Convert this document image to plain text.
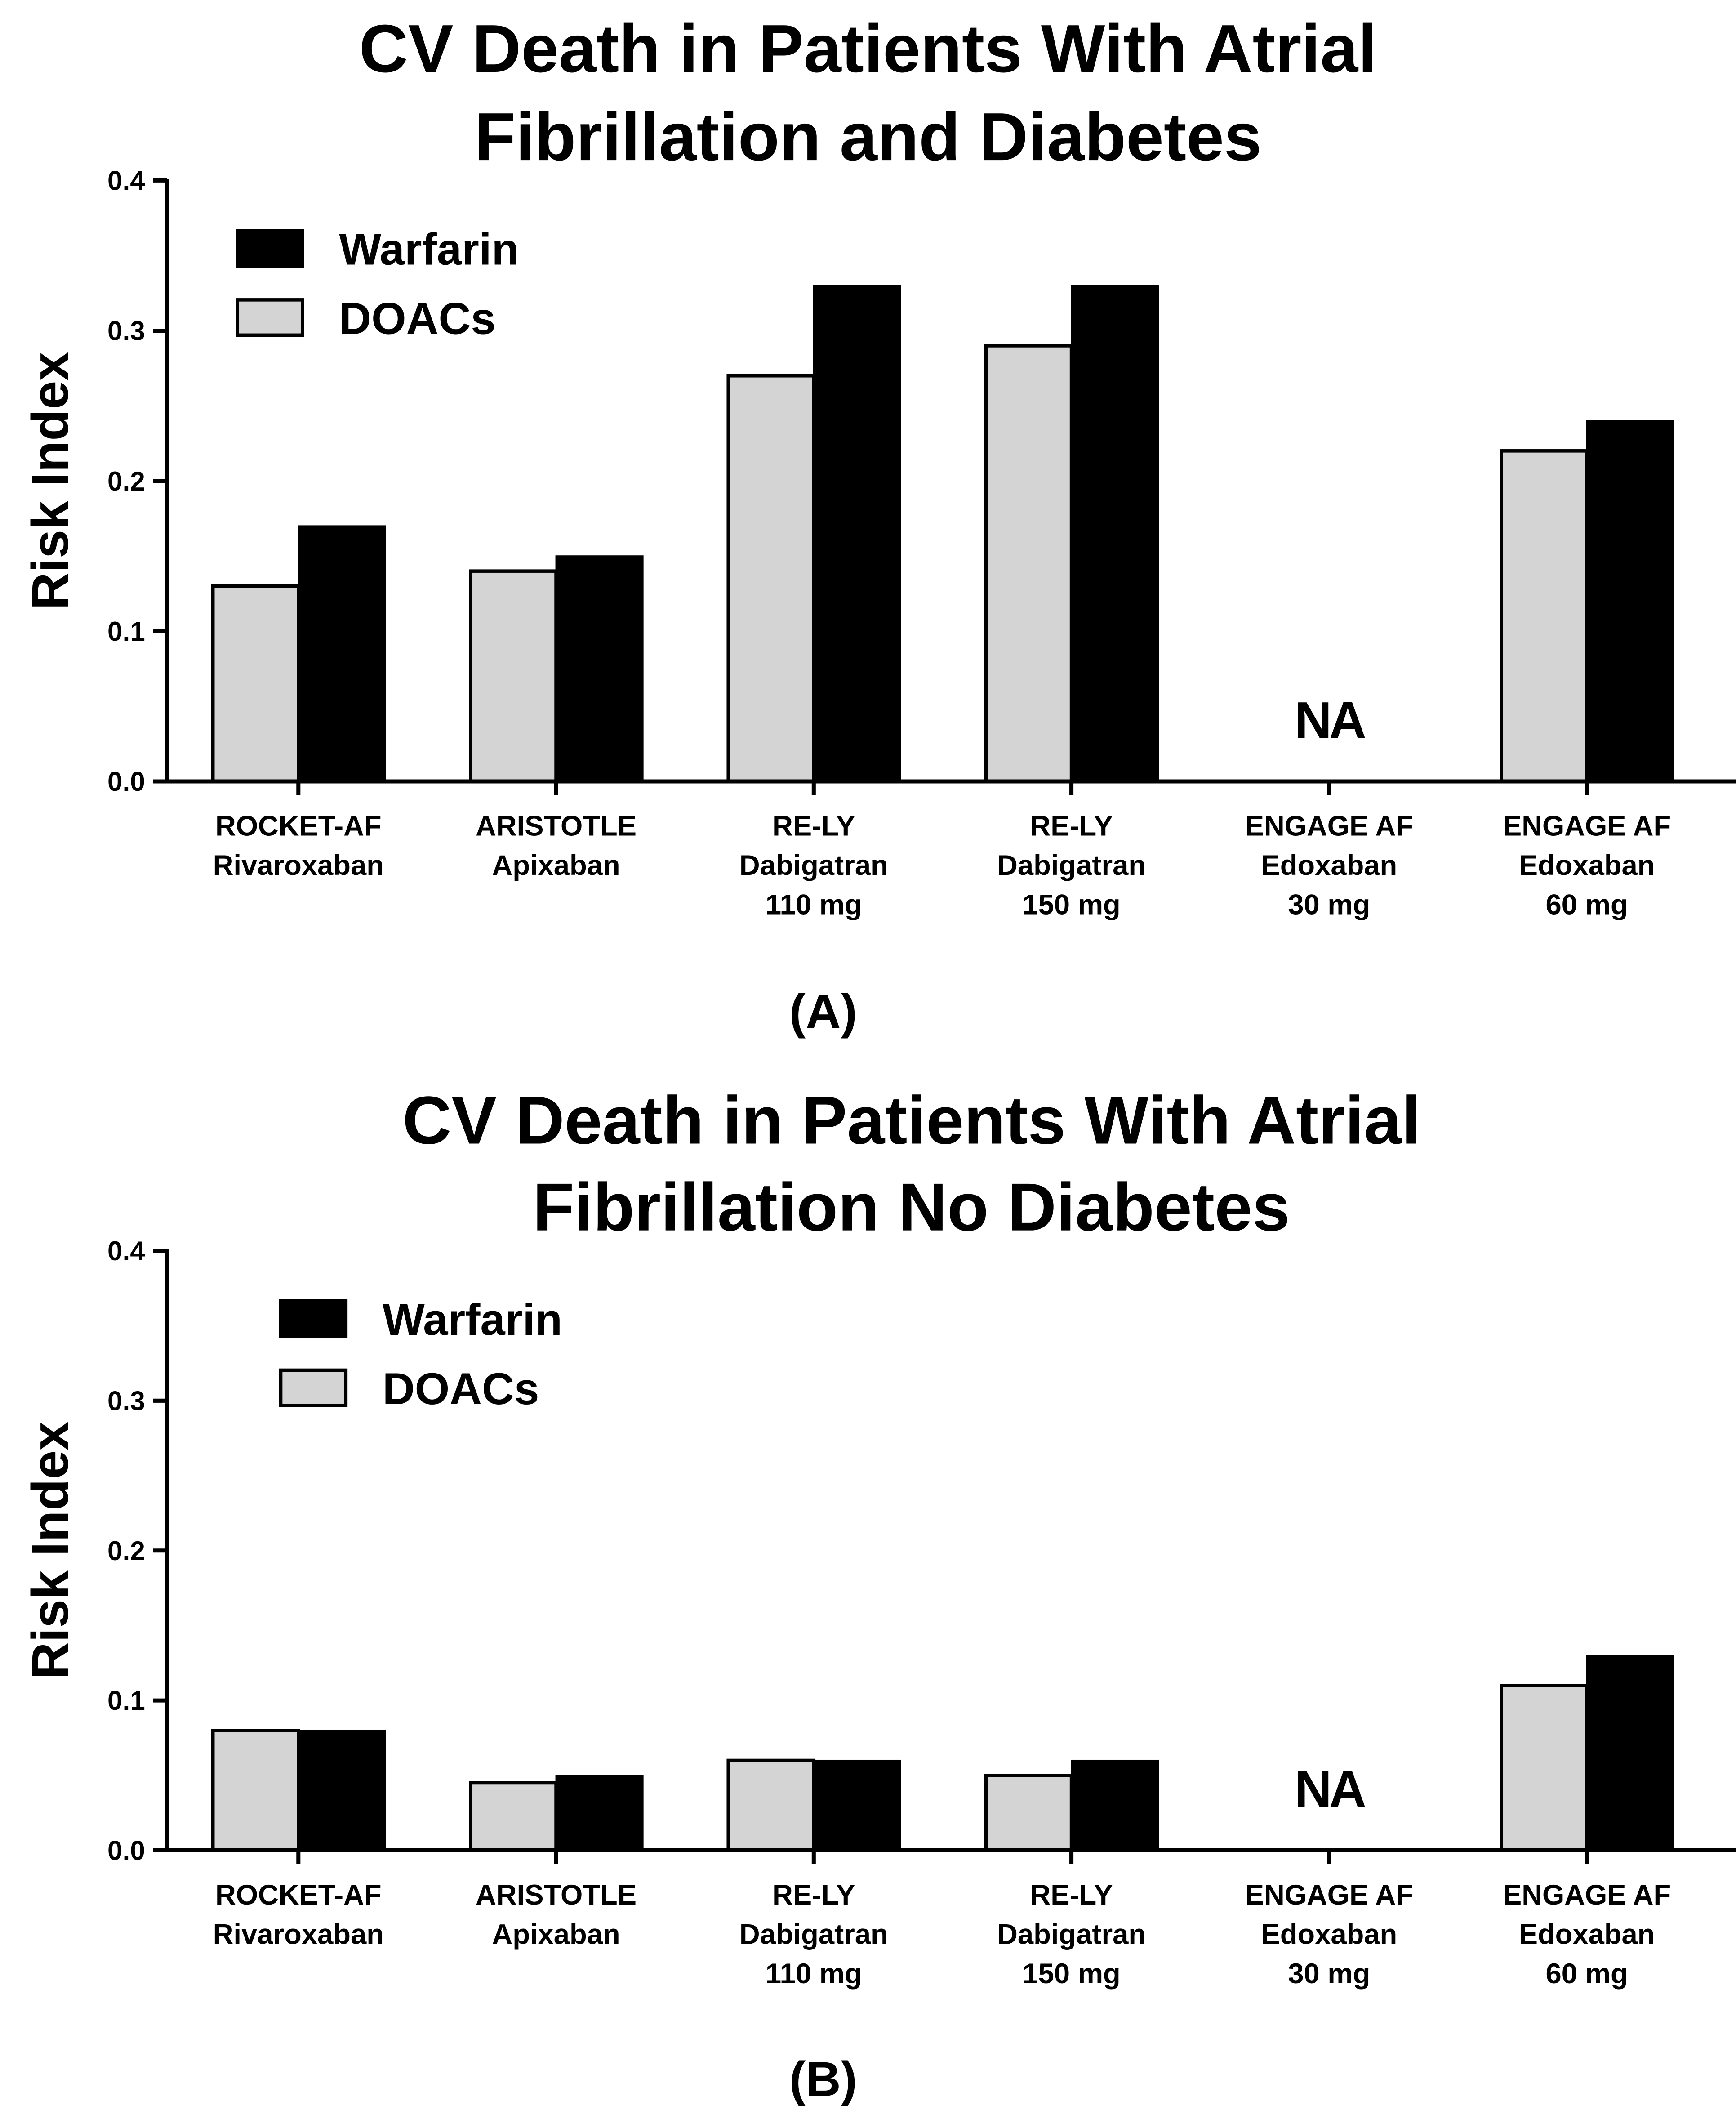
CV Death in Patients With Atrial
Fibrillation and Diabetes
Risk Index
0.0
0.1
0.2
0.3
0.4
ROCKET-AF
Rivaroxaban
ARISTOTLE
Apixaban
RE-LY
Dabigatran
110 mg
RE-LY
Dabigatran
150 mg
ENGAGE AF
Edoxaban
30 mg
ENGAGE AF
Edoxaban
60 mg
NA
Warfarin
DOACs
(A)
CV Death in Patients With Atrial
Fibrillation No Diabetes
Risk Index
0.0
0.1
0.2
0.3
0.4
ROCKET-AF
Rivaroxaban
ARISTOTLE
Apixaban
RE-LY
Dabigatran
110 mg
RE-LY
Dabigatran
150 mg
ENGAGE AF
Edoxaban
30 mg
ENGAGE AF
Edoxaban
60 mg
NA
Warfarin
DOACs
(B)
